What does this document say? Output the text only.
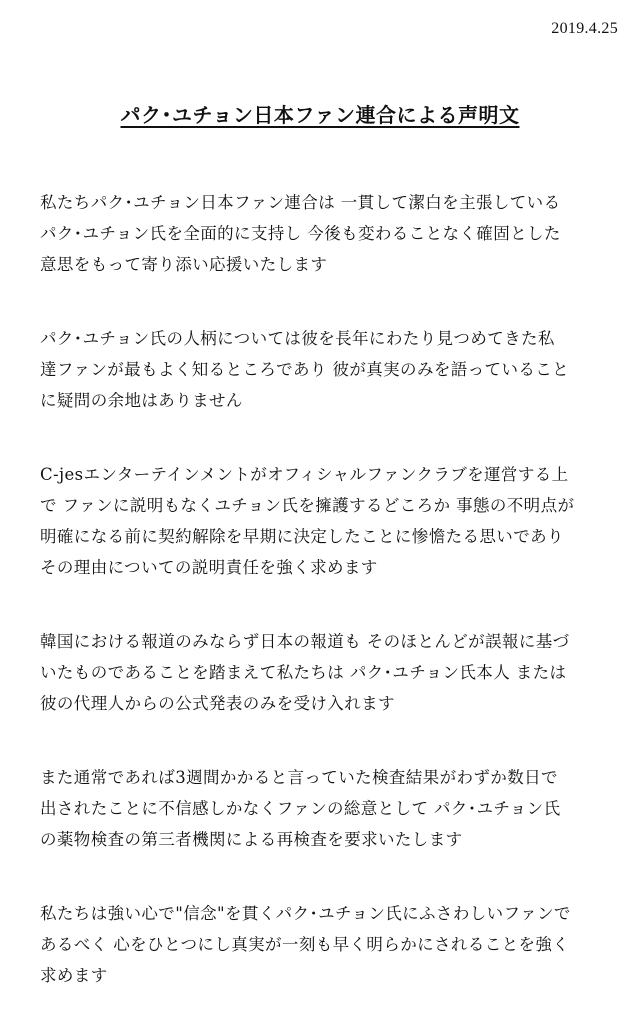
2019.4.25
パク･ユチョン日本ファン連合による声明文

私たちパク･ユチョン日本ファン連合は 一貫して潔白を主張している
パク･ユチョン氏を全面的に支持し 今後も変わることなく確固とした
意思をもって寄り添い応援いたします

パク･ユチョン氏の人柄については彼を長年にわたり見つめてきた私
達ファンが最もよく知るところであり 彼が真実のみを語っていること
に疑問の余地はありません

C-jesエンターテインメントがオフィシャルファンクラブを運営する上
で ファンに説明もなくユチョン氏を擁護するどころか 事態の不明点が
明確になる前に契約解除を早期に決定したことに惨憺たる思いであり
その理由についての説明責任を強く求めます

韓国における報道のみならず日本の報道も そのほとんどが誤報に基づ
いたものであることを踏まえて私たちは パク･ユチョン氏本人 または
彼の代理人からの公式発表のみを受け入れます

また通常であれば3週間かかると言っていた検査結果がわずか数日で
出されたことに不信感しかなくファンの総意として パク･ユチョン氏
の薬物検査の第三者機関による再検査を要求いたします

私たちは強い心で"信念"を貫くパク･ユチョン氏にふさわしいファンで
あるべく 心をひとつにし真実が一刻も早く明らかにされることを強く
求めます
